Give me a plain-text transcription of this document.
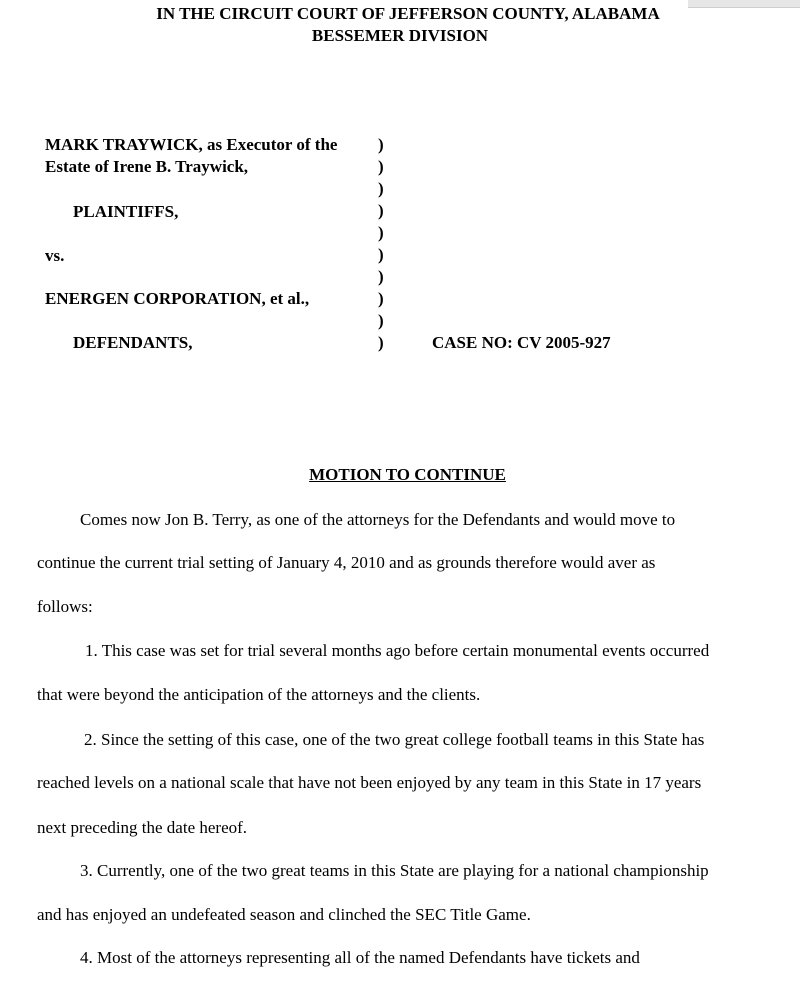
IN THE CIRCUIT COURT OF JEFFERSON COUNTY, ALABAMA
BESSEMER DIVISION
MARK TRAYWICK, as Executor of the
Estate of Irene B. Traywick,
PLAINTIFFS,
vs.
ENERGEN CORPORATION, et al.,
DEFENDANTS,	CASE NO: CV 2005-927
)
)
)
)
)
)
)
)
)
)
MOTION TO CONTINUE
Comes now Jon B. Terry, as one of the attorneys for the Defendants and would move to
continue the current trial setting of January 4, 2010 and as grounds therefore would aver as
follows:
1. This case was set for trial several months ago before certain monumental events occurred
that were beyond the anticipation of the attorneys and the clients.
2. Since the setting of this case, one of the two great college football teams in this State has
reached levels on a national scale that have not been enjoyed by any team in this State in 17 years
next preceding the date hereof.
3. Currently, one of the two great teams in this State are playing for a national championship
and has enjoyed an undefeated season and clinched the SEC Title Game.
4. Most of the attorneys representing all of the named Defendants have tickets and
